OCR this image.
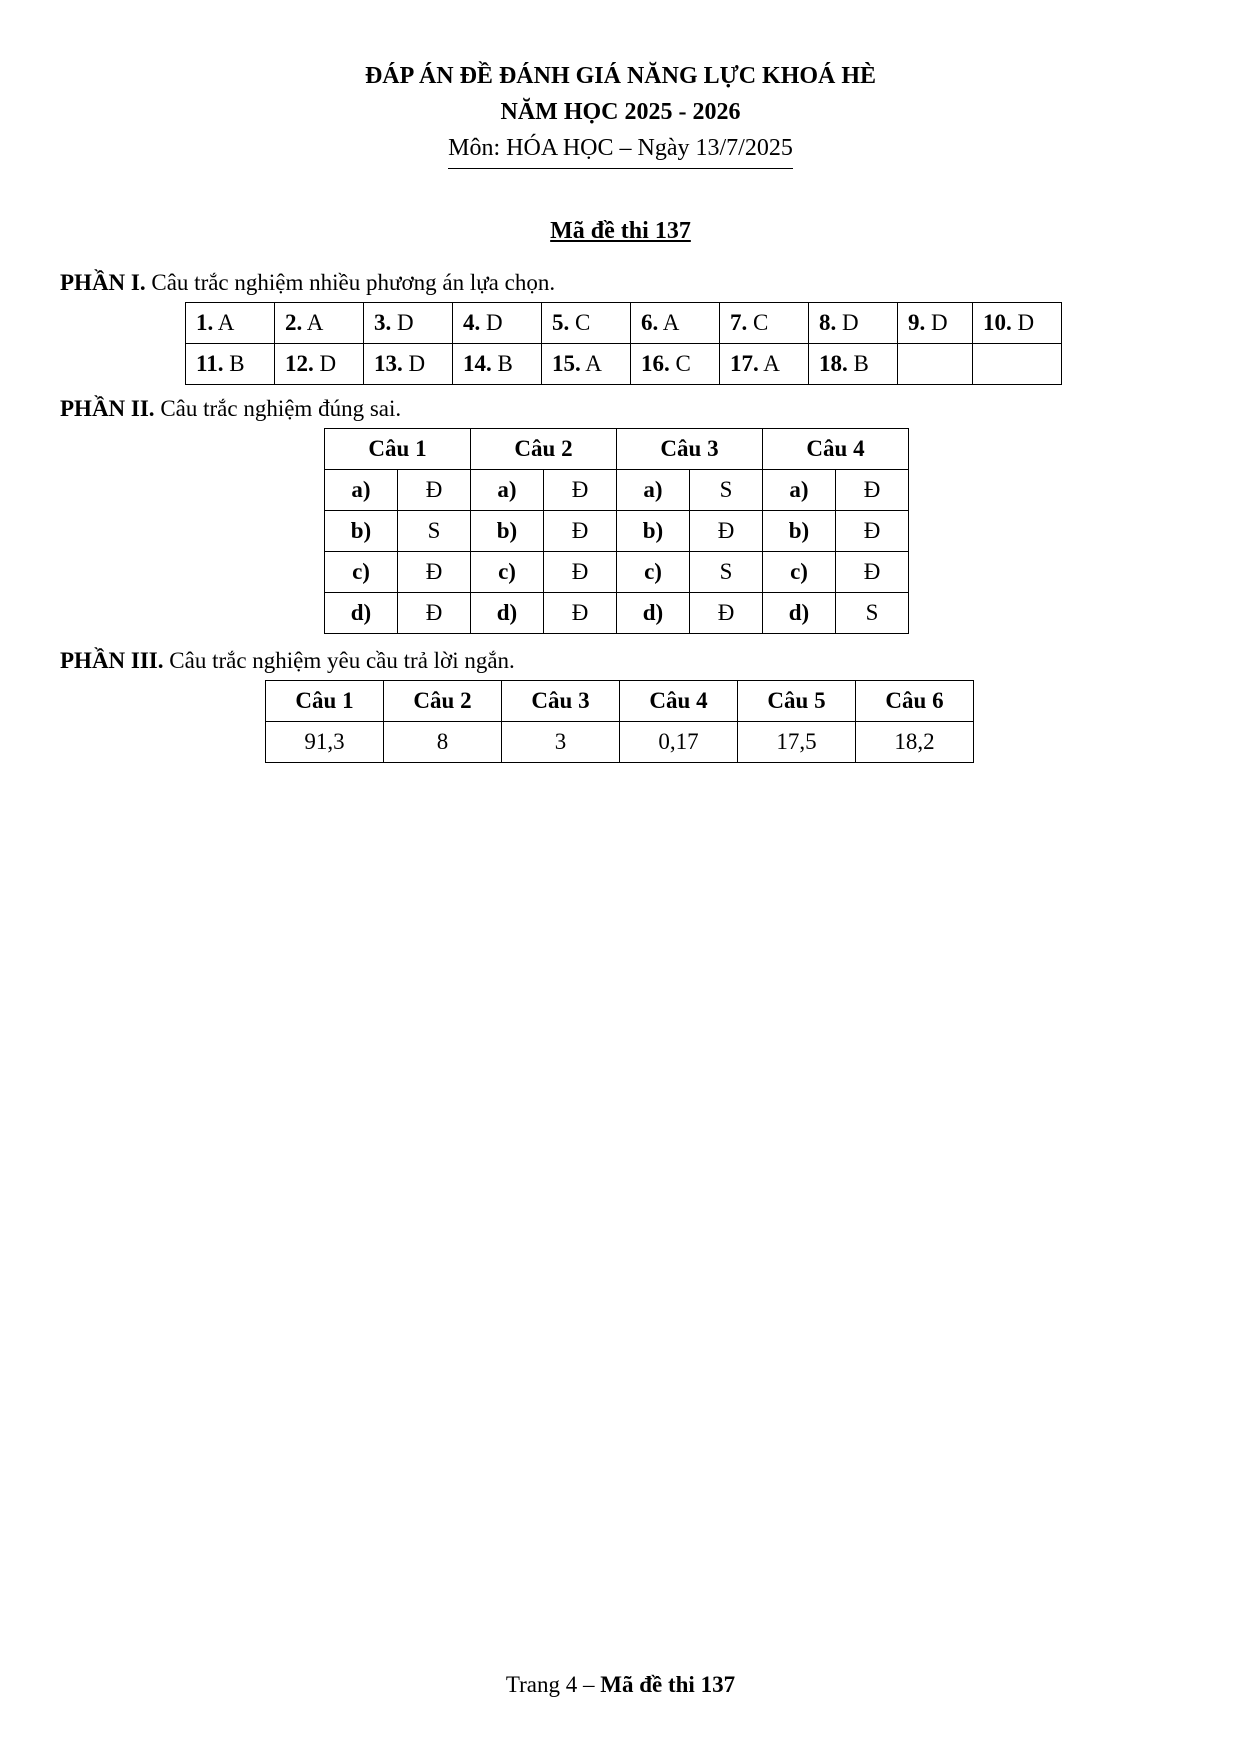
ĐÁP ÁN ĐỀ ĐÁNH GIÁ NĂNG LỰC KHOÁ HÈ
NĂM HỌC 2025 - 2026
Môn: HÓA HỌC – Ngày 13/7/2025
Mã đề thi 137
PHẦN I. Câu trắc nghiệm nhiều phương án lựa chọn.
1. A	2. A	3. D	4. D	5. C	6. A	7. C	8. D	9. D	10. D
11. B	12. D	13. D	14. B	15. A	16. C	17. A	18. B		
PHẦN II. Câu trắc nghiệm đúng sai.
Câu 1		Câu 2		Câu 3		Câu 4	
a)	Đ	a)	Đ	a)	S	a)	Đ
b)	S	b)	Đ	b)	Đ	b)	Đ
c)	Đ	c)	Đ	c)	S	c)	Đ
d)	Đ	d)	Đ	d)	Đ	d)	S
PHẦN III. Câu trắc nghiệm yêu cầu trả lời ngắn.
Câu 1	Câu 2	Câu 3	Câu 4	Câu 5	Câu 6
91,3	8	3	0,17	17,5	18,2
Trang 4 – Mã đề thi 137
